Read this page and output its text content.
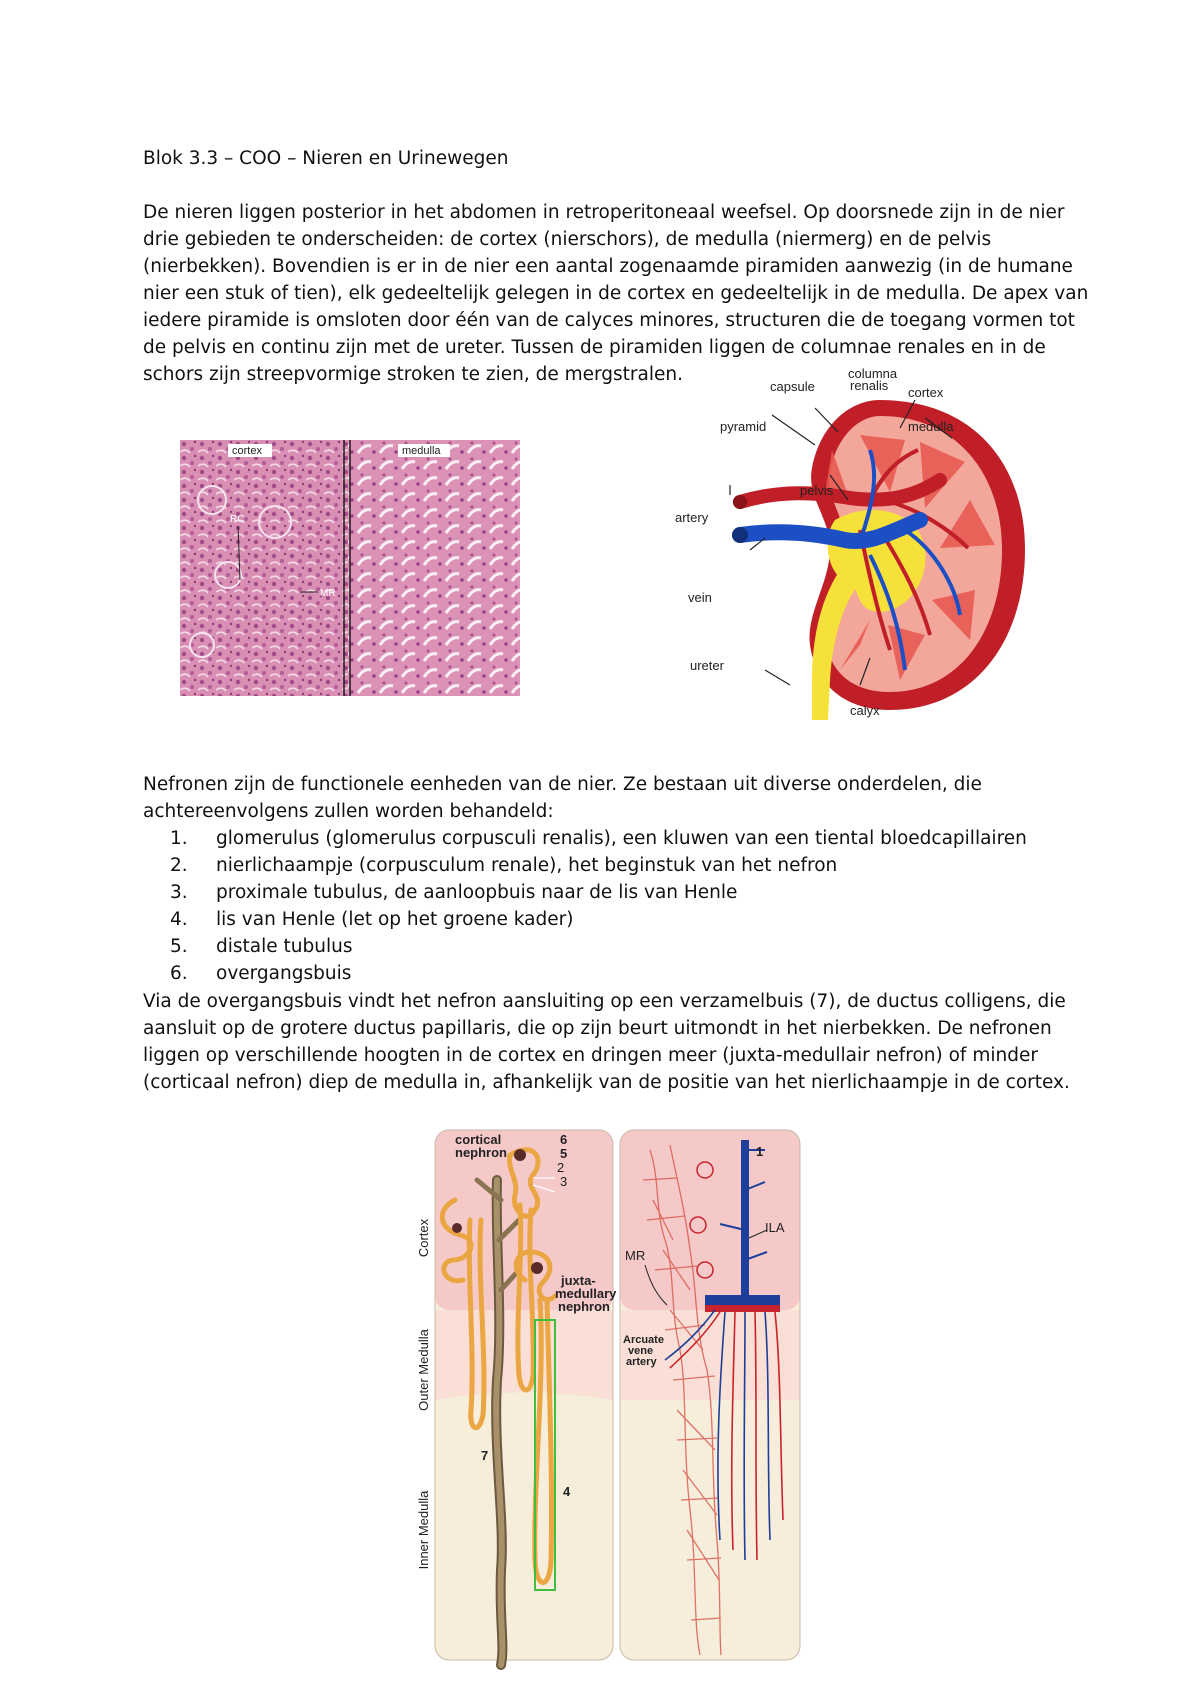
Blok 3.3 – COO – Nieren en Urinewegen
De nieren liggen posterior in het abdomen in retroperitoneaal weefsel. Op doorsnede zijn in de nier
drie gebieden te onderscheiden: de cortex (nierschors), de medulla (niermerg) en de pelvis
(nierbekken). Bovendien is er in de nier een aantal zogenaamde piramiden aanwezig (in de humane
nier een stuk of tien), elk gedeeltelijk gelegen in de cortex en gedeeltelijk in de medulla. De apex van
iedere piramide is omsloten door één van de calyces minores, structuren die de toegang vormen tot
de pelvis en continu zijn met de ureter. Tussen de piramiden liggen de columnae renales en in de
schors zijn streepvormige stroken te zien, de mergstralen.
cortex	medulla
RC
MR
capsule
columna
renalis cortex
medulla
pyramid
pelvis
artery
vein
ureter
calyx
Nefronen zijn de functionele eenheden van de nier. Ze bestaan uit diverse onderdelen, die
achtereenvolgens zullen worden behandeld:
1. glomerulus (glomerulus corpusculi renalis), een kluwen van een tiental bloedcapillairen
2. nierlichaampje (corpusculum renale), het beginstuk van het nefron
3. proximale tubulus, de aanloopbuis naar de lis van Henle
4. lis van Henle (let op het groene kader)
5. distale tubulus
6. overgangsbuis
Via de overgangsbuis vindt het nefron aansluiting op een verzamelbuis (7), de ductus colligens, die
aansluit op de grotere ductus papillaris, die op zijn beurt uitmondt in het nierbekken. De nefronen
liggen op verschillende hoogten in de cortex en dringen meer (juxta-medullair nefron) of minder
(corticaal nefron) diep de medulla in, afhankelijk van de positie van het nierlichaampje in de cortex.
cortical
nephron
6
5
2
3
juxta-
medullary
nephron
7
4
Cortex
Outer Medulla
Inner Medulla
MR
ILA
1
Arcuate
vene
artery
